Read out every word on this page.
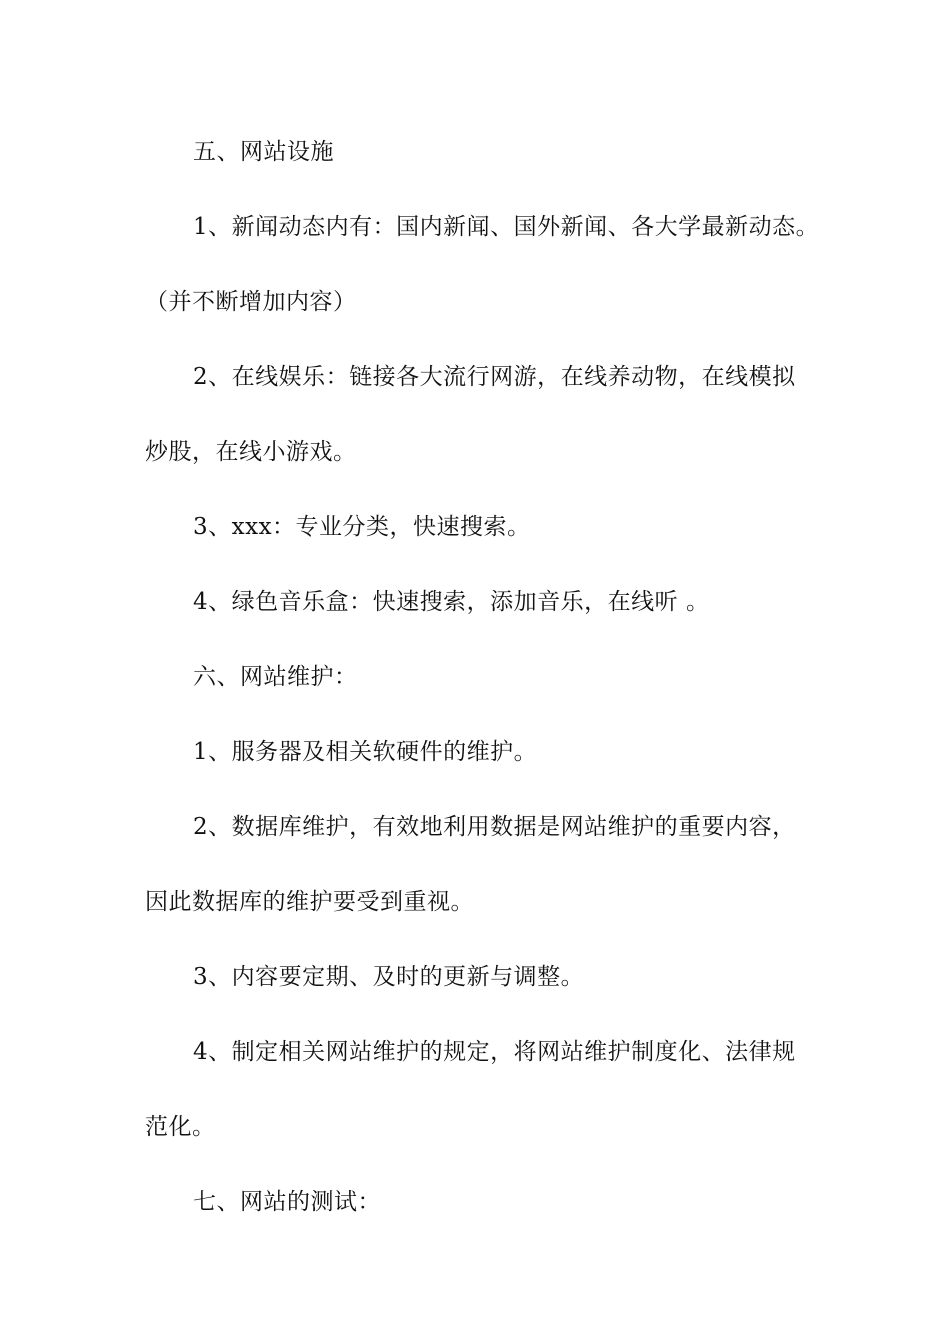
五、网站设施
1、新闻动态内有：国内新闻、国外新闻、各大学最新动态。
（并不断增加内容）
2、在线娱乐：链接各大流行网游，在线养动物，在线模拟
炒股，在线小游戏。
3、xxx：专业分类，快速搜索。
4、绿色音乐盒：快速搜索，添加音乐，在线听 。
六、网站维护：
1、服务器及相关软硬件的维护。
2、数据库维护，有效地利用数据是网站维护的重要内容，
因此数据库的维护要受到重视。
3、内容要定期、及时的更新与调整。
4、制定相关网站维护的规定，将网站维护制度化、法律规
范化。
七、网站的测试：
